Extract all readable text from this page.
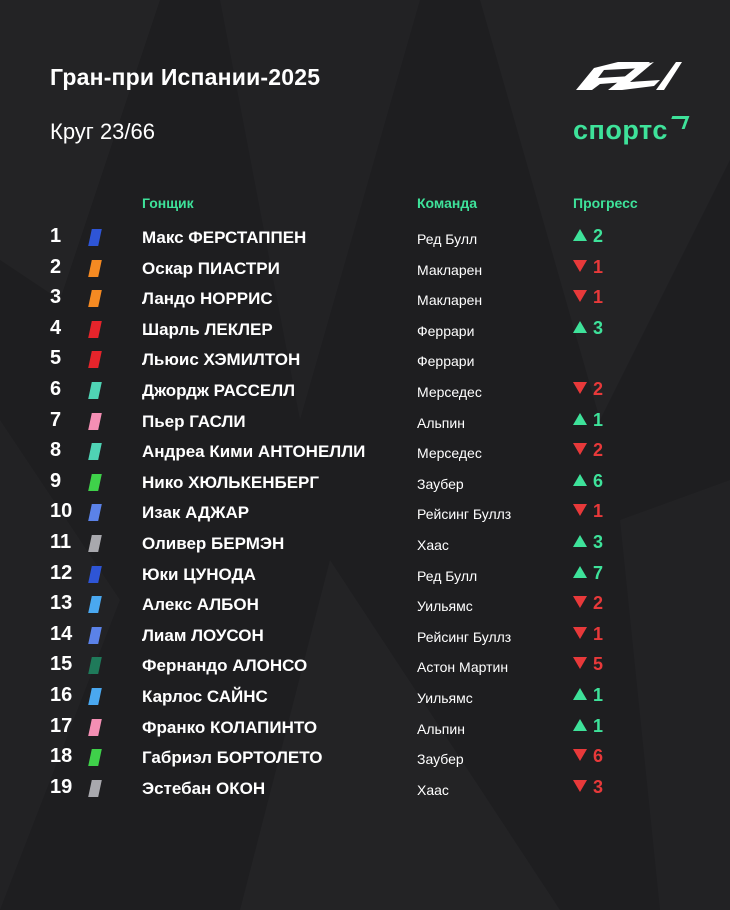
Гран-при Испании-2025
Круг 23/66	спортс
Гонщик	Команда	Прогресс
1	Макс ФЕРСТАППЕН	Ред Булл	2
2	Оскар ПИАСТРИ	Макларен	1
3	Ландо НОРРИС	Макларен	1
4	Шарль ЛЕКЛЕР	Феррари	3
5	Льюис ХЭМИЛТОН	Феррари
6	Джордж РАССЕЛЛ	Мерседес	2
7	Пьер ГАСЛИ	Альпин	1
8	Андреа Кими АНТОНЕЛЛИ	Мерседес	2
9	Нико ХЮЛЬКЕНБЕРГ	Заубер	6
10	Изак АДЖАР	Рейсинг Буллз	1
11	Оливер БЕРМЭН	Хаас	3
12	Юки ЦУНОДА	Ред Булл	7
13	Алекс АЛБОН	Уильямс	2
14	Лиам ЛОУСОН	Рейсинг Буллз	1
15	Фернандо АЛОНСО	Астон Мартин	5
16	Карлос САЙНС	Уильямс	1
17	Франко КОЛАПИНТО	Альпин	1
18	Габриэл БОРТОЛЕТО	Заубер	6
19	Эстебан ОКОН	Хаас	3
